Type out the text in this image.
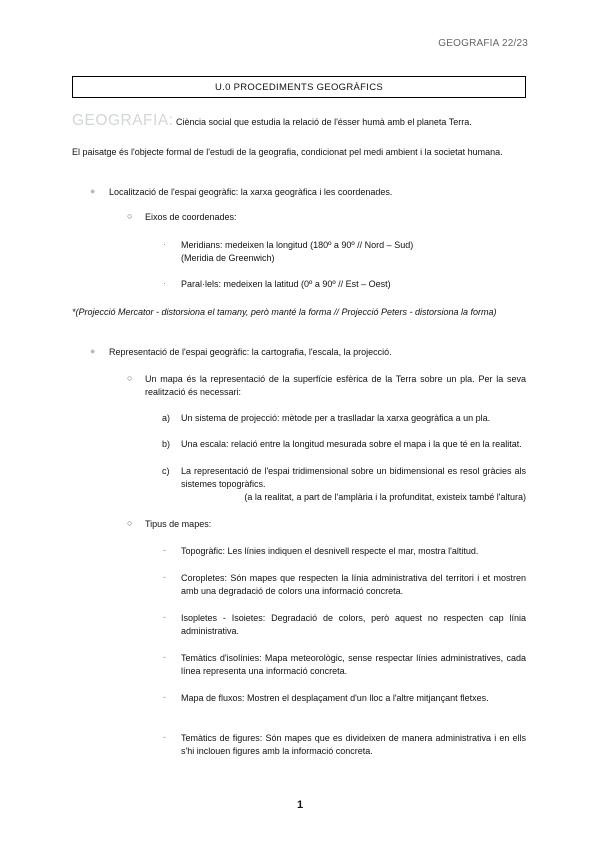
GEOGRAFIA 22/23
U.0 PROCEDIMENTS GEOGRÀFICS
GEOGRAFIA: Ciència social que estudia la relació de l'ésser humà amb el planeta Terra.
El paisatge és l'objecte formal de l'estudi de la geografia, condicionat pel medi ambient i la societat humana.
● Localització de l'espai geogràfic: la xarxa geogràfica i les coordenades.
○ Eixos de coordenades:
· Meridians: medeixen la longitud (180º a 90º // Nord – Sud)
(Meridia de Greenwich)
· Paral·lels: medeixen la latitud (0º a 90º // Est – Oest)
*(Projecció Mercator - distorsiona el tamany, però manté la forma // Projecció Peters - distorsiona la forma)
● Representació de l'espai geogràfic: la cartografia, l'escala, la projecció.
○ Un mapa és la representació de la superfície esfèrica de la Terra sobre un pla. Per la seva realització és necessari:
a) Un sistema de projecció: mètode per a traslladar la xarxa geogràfica a un pla.
b) Una escala: relació entre la longitud mesurada sobre el mapa i la que té en la realitat.
c) La representació de l'espai tridimensional sobre un bidimensional es resol gràcies als sistemes topogràfics.
(a la realitat, a part de l'amplària i la profunditat, existeix també l'altura)
○ Tipus de mapes:
- Topogràfic: Les línies indiquen el desnivell respecte el mar, mostra l'altitud.
- Coropletes: Són mapes que respecten la línia administrativa del territori i et mostren amb una degradació de colors una informació concreta.
- Isopletes - Isoietes: Degradació de colors, però aquest no respecten cap línia administrativa.
- Temàtics d'isolínies: Mapa meteorològic, sense respectar línies administratives, cada línea representa una informació concreta.
- Mapa de fluxos: Mostren el desplaçament d'un lloc a l'altre mitjançant fletxes.
- Temàtics de figures: Són mapes que es divideixen de manera administrativa i en ells s'hi inclouen figures amb la informació concreta.
1
